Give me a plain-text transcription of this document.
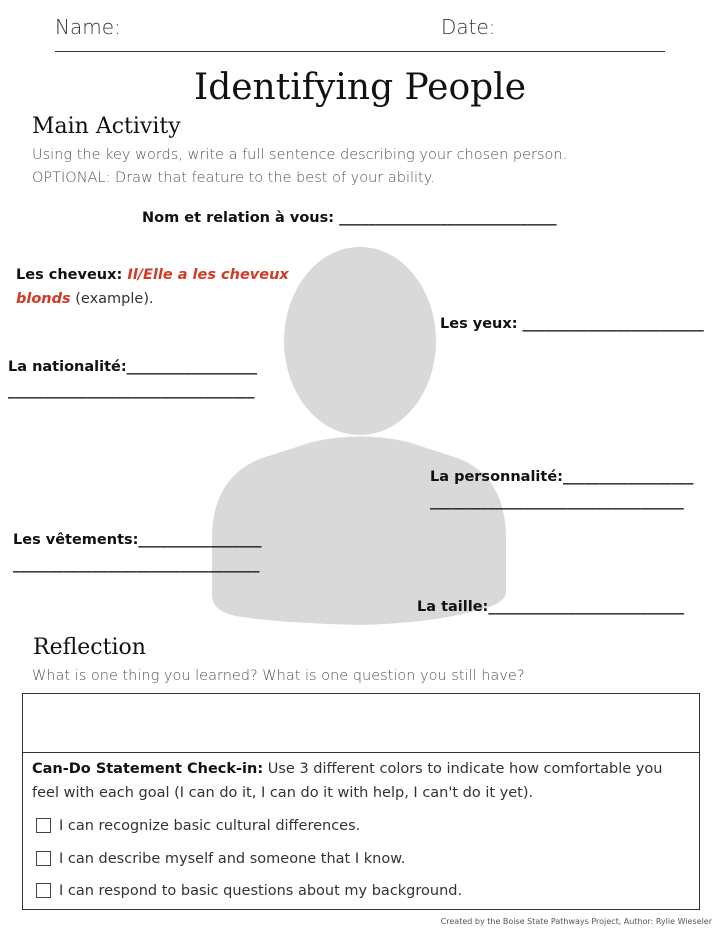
Name:	Date:
Identifying People
Main Activity
Using the key words, write a full sentence describing your chosen person.
OPTIONAL: Draw that feature to the best of your ability.
Nom et relation à vous: ______________________________
Les cheveux: Il/Elle a les cheveux
blonds (example).
Les yeux: _________________________
La nationalité:__________________
__________________________________
La personnalité:__________________
___________________________________
Les vêtements:_________________
__________________________________
La taille:___________________________
Reflection
What is one thing you learned? What is one question you still have?
Can-Do Statement Check-in: Use 3 different colors to indicate how comfortable you
feel with each goal (I can do it, I can do it with help, I can't do it yet).
I can recognize basic cultural differences.
I can describe myself and someone that I know.
I can respond to basic questions about my background.
Created by the Boise State Pathways Project, Author: Rylie Wieseler
